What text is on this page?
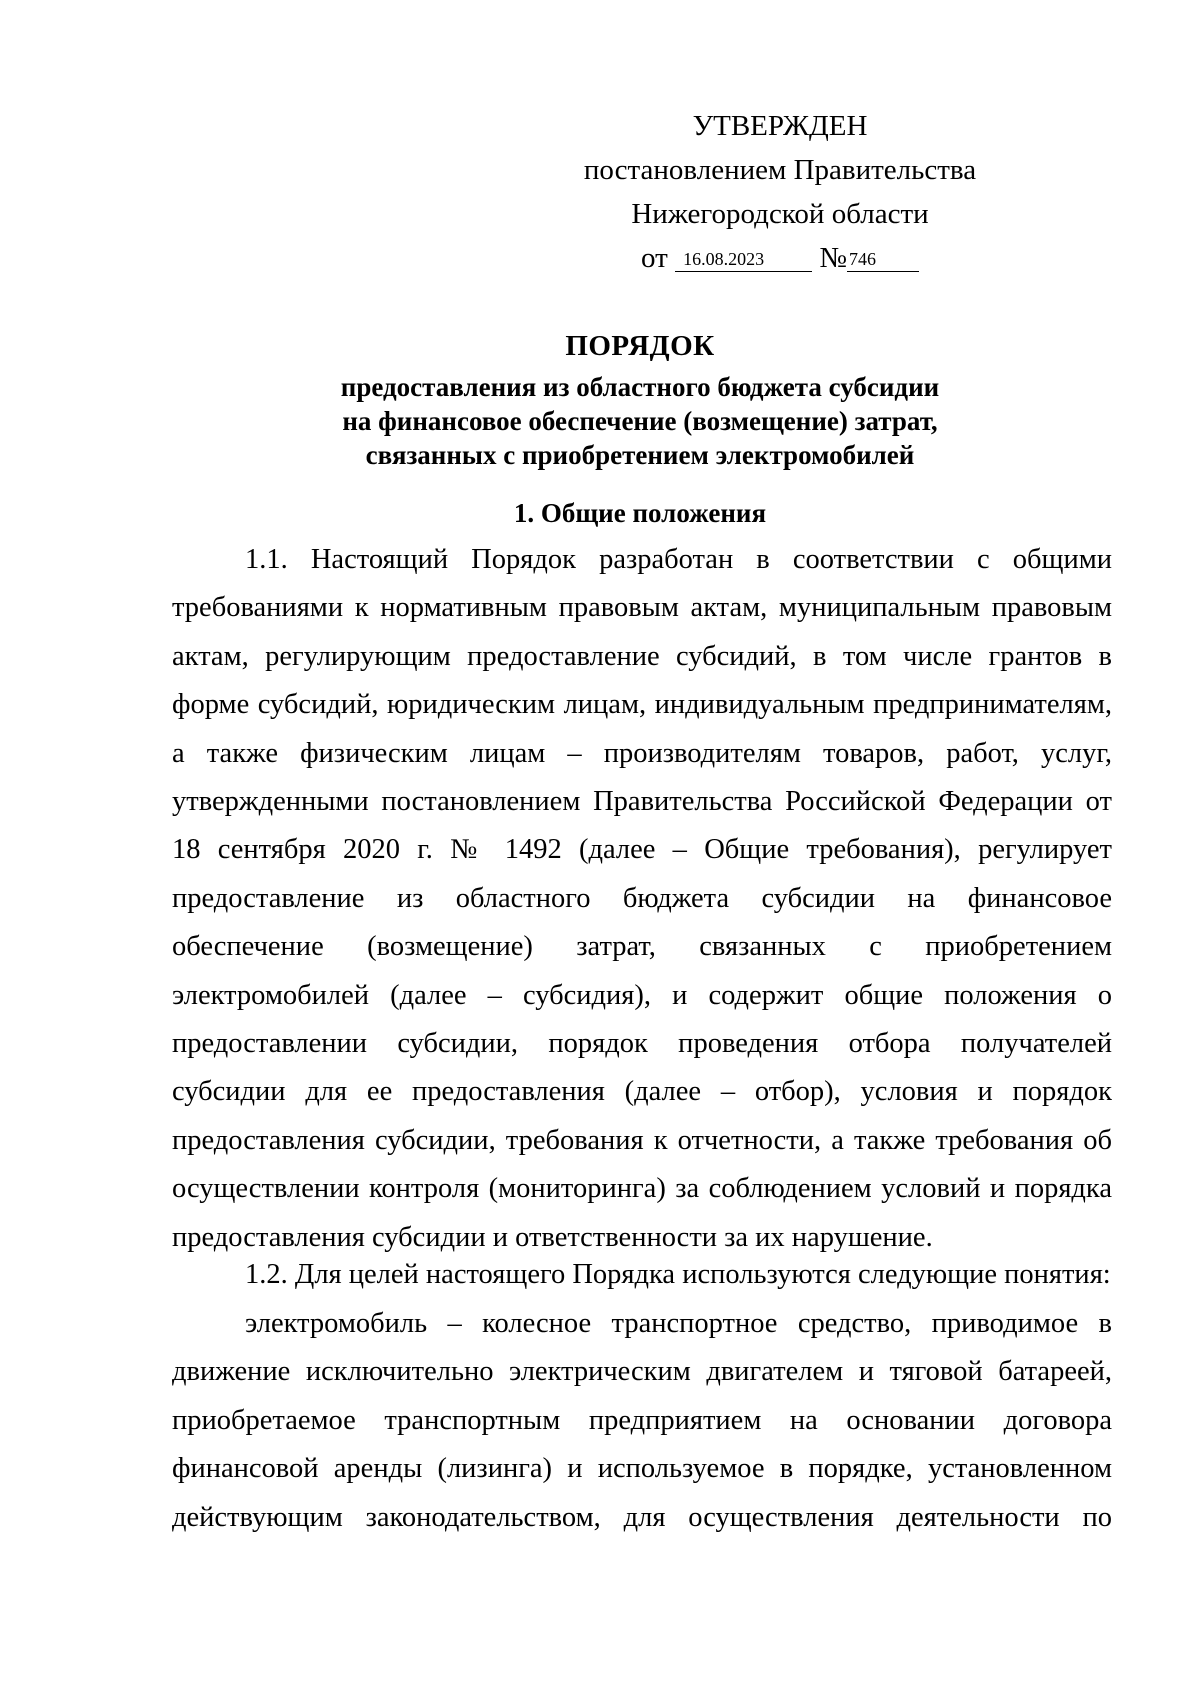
УТВЕРЖДЕН
постановлением Правительства
Нижегородской области
от 16.08.2023 № 746
ПОРЯДОК
предоставления из областного бюджета субсидии
на финансовое обеспечение (возмещение) затрат,
связанных с приобретением электромобилей
1. Общие положения

1.1. Настоящий Порядок разработан в соответствии с общими требованиями к нормативным правовым актам, муниципальным правовым актам, регулирующим предоставление субсидий, в том числе грантов в форме субсидий, юридическим лицам, индивидуальным предпринимателям, а также физическим лицам – производителям товаров, работ, услуг, утвержденными постановлением Правительства Российской Федерации от 18 сентября 2020 г. № 1492 (далее – Общие требования), регулирует предоставление из областного бюджета субсидии на финансовое обеспечение (возмещение) затрат, связанных с приобретением электромобилей (далее – субсидия), и содержит общие положения о предоставлении субсидии, порядок проведения отбора получателей субсидии для ее предоставления (далее – отбор), условия и порядок предоставления субсидии, требования к отчетности, а также требования об осуществлении контроля (мониторинга) за соблюдением условий и порядка предоставления субсидии и ответственности за их нарушение.

1.2. Для целей настоящего Порядка используются следующие понятия:

электромобиль – колесное транспортное средство, приводимое в движение исключительно электрическим двигателем и тяговой батареей, приобретаемое транспортным предприятием на основании договора финансовой аренды (лизинга) и используемое в порядке, установленном действующим законодательством, для осуществления деятельности по
